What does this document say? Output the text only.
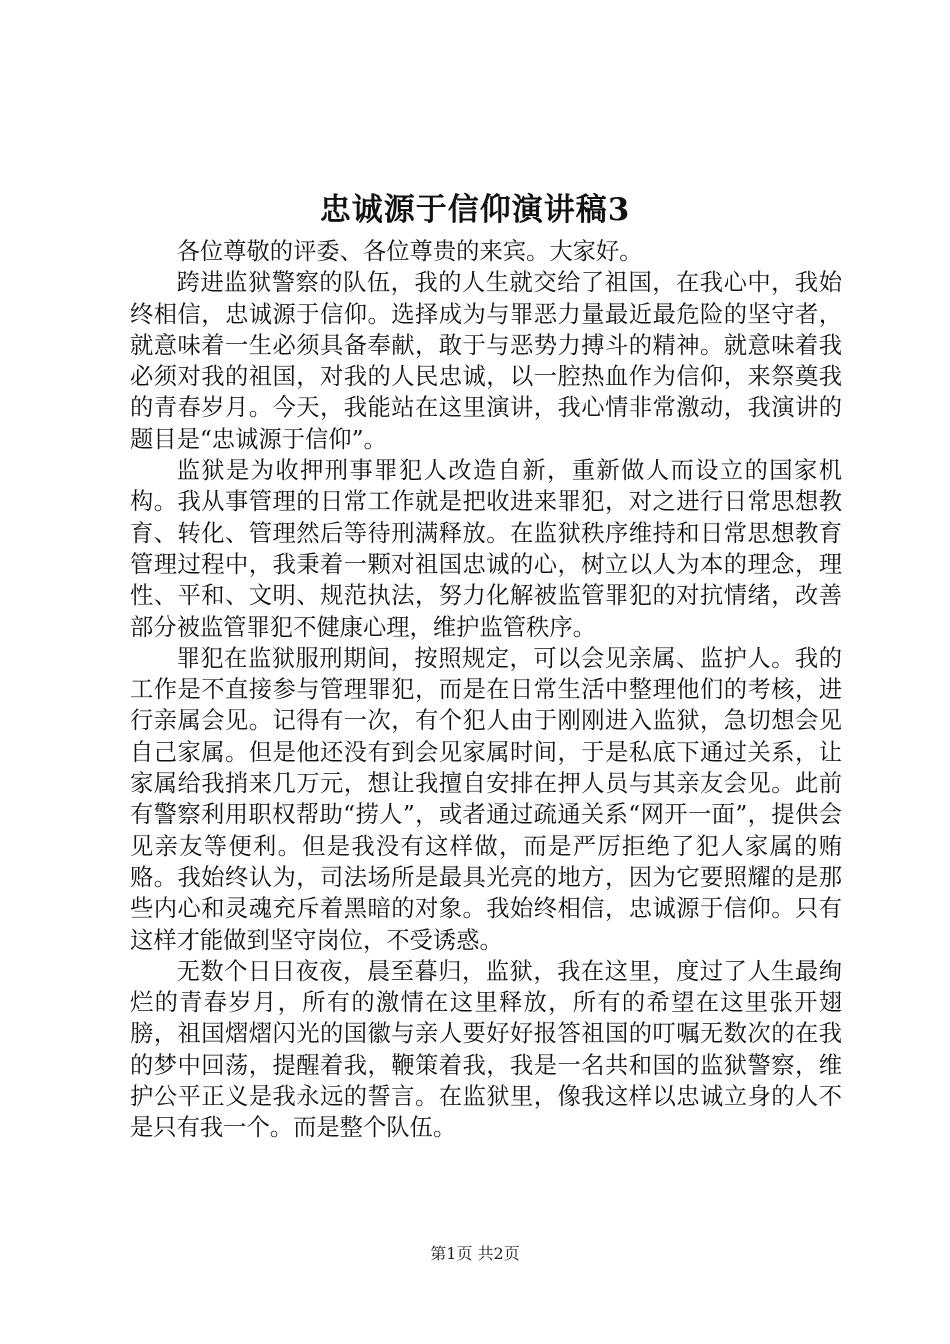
忠诚源于信仰演讲稿3

各位尊敬的评委、各位尊贵的来宾。大家好。

跨进监狱警察的队伍，我的人生就交给了祖国，在我心中，我始终相信，忠诚源于信仰。选择成为与罪恶力量最近最危险的坚守者，就意味着一生必须具备奉献，敢于与恶势力搏斗的精神。就意味着我必须对我的祖国，对我的人民忠诚，以一腔热血作为信仰，来祭奠我的青春岁月。今天，我能站在这里演讲，我心情非常激动，我演讲的题目是“忠诚源于信仰”。

监狱是为收押刑事罪犯人改造自新，重新做人而设立的国家机构。我从事管理的日常工作就是把收进来罪犯，对之进行日常思想教育、转化、管理然后等待刑满释放。在监狱秩序维持和日常思想教育管理过程中，我秉着一颗对祖国忠诚的心，树立以人为本的理念，理性、平和、文明、规范执法，努力化解被监管罪犯的对抗情绪，改善部分被监管罪犯不健康心理，维护监管秩序。

罪犯在监狱服刑期间，按照规定，可以会见亲属、监护人。我的工作是不直接参与管理罪犯，而是在日常生活中整理他们的考核，进行亲属会见。记得有一次，有个犯人由于刚刚进入监狱，急切想会见自己家属。但是他还没有到会见家属时间，于是私底下通过关系，让家属给我捎来几万元，想让我擅自安排在押人员与其亲友会见。此前有警察利用职权帮助“捞人”，或者通过疏通关系“网开一面”，提供会见亲友等便利。但是我没有这样做，而是严厉拒绝了犯人家属的贿赂。我始终认为，司法场所是最具光亮的地方，因为它要照耀的是那些内心和灵魂充斥着黑暗的对象。我始终相信，忠诚源于信仰。只有这样才能做到坚守岗位，不受诱惑。

无数个日日夜夜，晨至暮归，监狱，我在这里，度过了人生最绚烂的青春岁月，所有的激情在这里释放，所有的希望在这里张开翅膀，祖国熠熠闪光的国徽与亲人要好好报答祖国的叮嘱无数次的在我的梦中回荡，提醒着我，鞭策着我，我是一名共和国的监狱警察，维护公平正义是我永远的誓言。在监狱里，像我这样以忠诚立身的人不是只有我一个。而是整个队伍。

第1页 共2页
